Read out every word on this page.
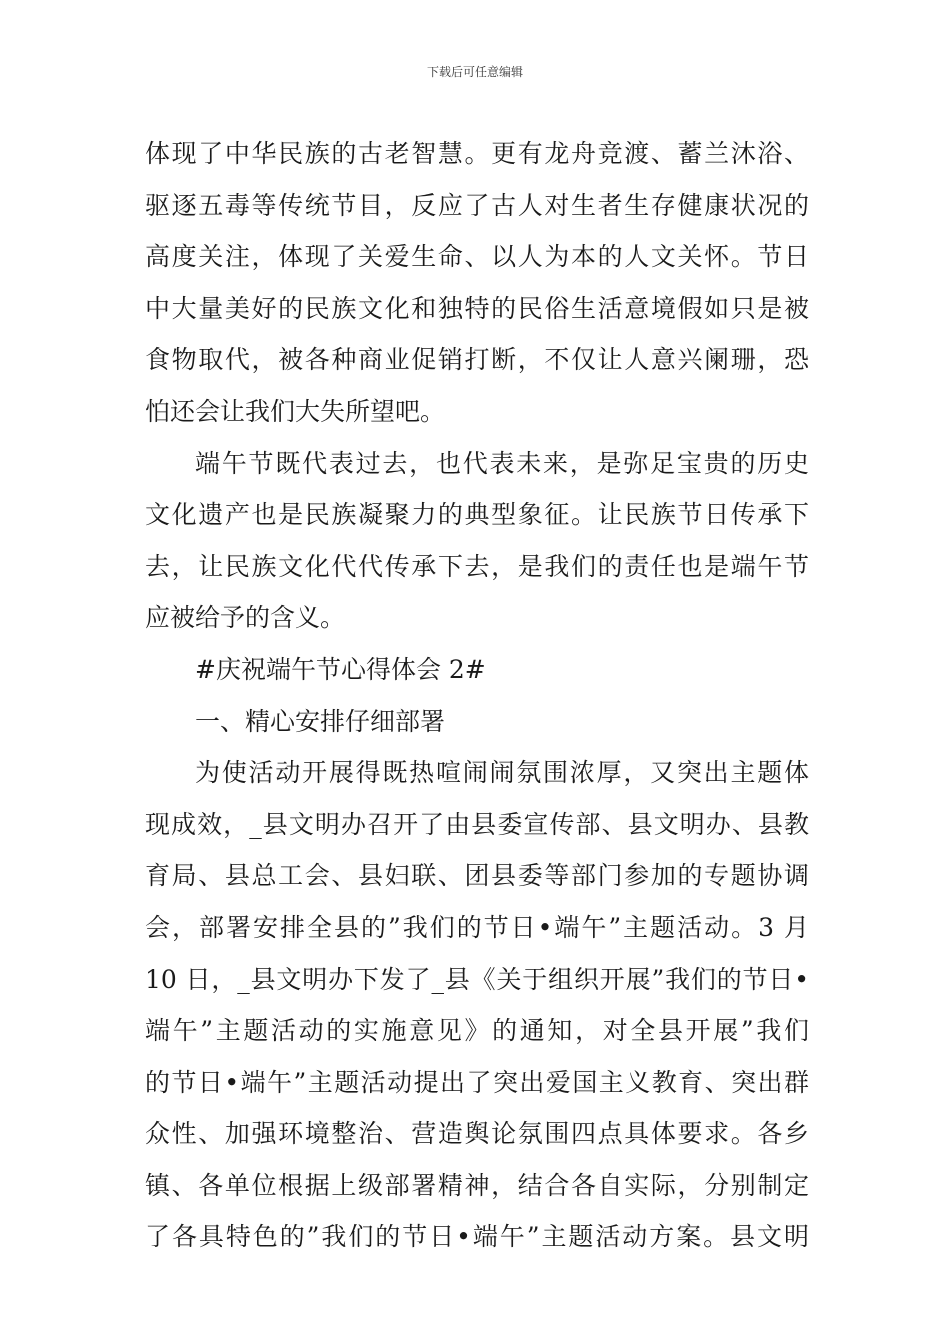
下载后可任意编辑
体现了中华民族的古老智慧。更有龙舟竞渡、蓄兰沐浴、
驱逐五毒等传统节目，反应了古人对生者生存健康状况的
高度关注，体现了关爱生命、以人为本的人文关怀。节日
中大量美好的民族文化和独特的民俗生活意境假如只是被
食物取代，被各种商业促销打断，不仅让人意兴阑珊，恐
怕还会让我们大失所望吧。
端午节既代表过去，也代表未来，是弥足宝贵的历史
文化遗产也是民族凝聚力的典型象征。让民族节日传承下
去，让民族文化代代传承下去，是我们的责任也是端午节
应被给予的含义。
#庆祝端午节心得体会 2#
一、精心安排仔细部署
为使活动开展得既热喧闹闹氛围浓厚，又突出主题体
现成效，_县文明办召开了由县委宣传部、县文明办、县教
育局、县总工会、县妇联、团县委等部门参加的专题协调
会，部署安排全县的”我们的节日•端午”主题活动。3 月
10 日，_县文明办下发了_县《关于组织开展”我们的节日•
端午”主题活动的实施意见》的通知，对全县开展”我们
的节日•端午”主题活动提出了突出爱国主义教育、突出群
众性、加强环境整治、营造舆论氛围四点具体要求。各乡
镇、各单位根据上级部署精神，结合各自实际，分别制定
了各具特色的”我们的节日•端午”主题活动方案。县文明
